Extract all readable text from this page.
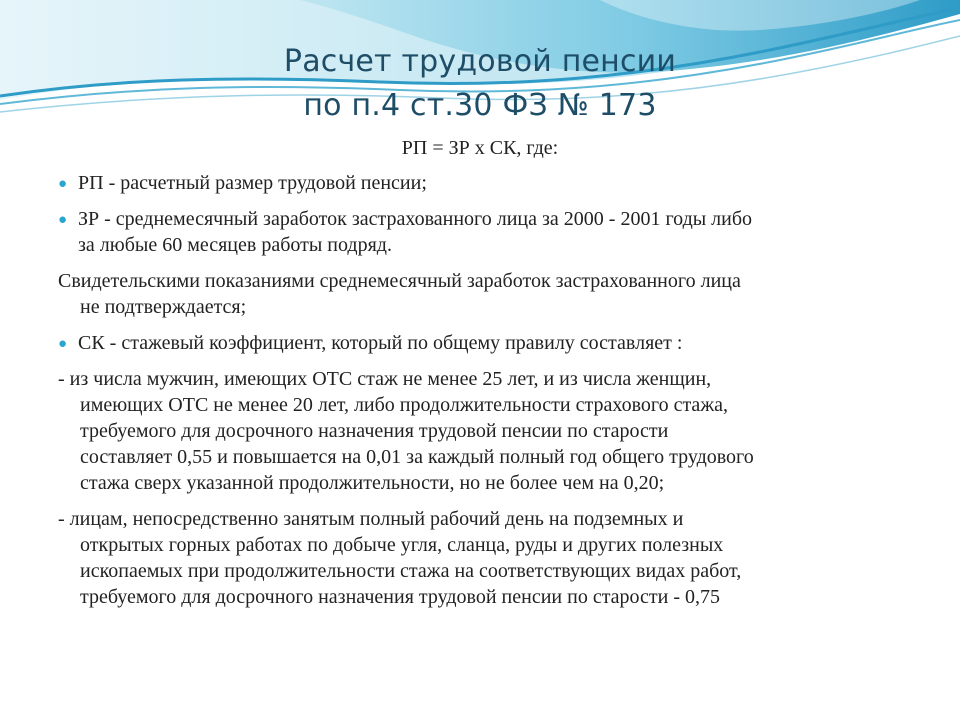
Расчет трудовой пенсии
по п.4 ст.30 ФЗ № 173
РП = ЗР х СК, где:
● РП - расчетный размер трудовой пенсии;
● ЗР - среднемесячный заработок застрахованного лица за 2000 - 2001 годы либо
за любые 60 месяцев работы подряд.
Свидетельскими показаниями среднемесячный заработок застрахованного лица
не подтверждается;
● СК - стажевый коэффициент, который по общему правилу составляет :
- из числа мужчин, имеющих ОТС стаж не менее 25 лет, и из числа женщин,
имеющих ОТС не менее 20 лет, либо продолжительности страхового стажа,
требуемого для досрочного назначения трудовой пенсии по старости
составляет 0,55 и повышается на 0,01 за каждый полный год общего трудового
стажа сверх указанной продолжительности, но не более чем на 0,20;
- лицам, непосредственно занятым полный рабочий день на подземных и
открытых горных работах по добыче угля, сланца, руды и других полезных
ископаемых при продолжительности стажа на соответствующих видах работ,
требуемого для досрочного назначения трудовой пенсии по старости - 0,75
